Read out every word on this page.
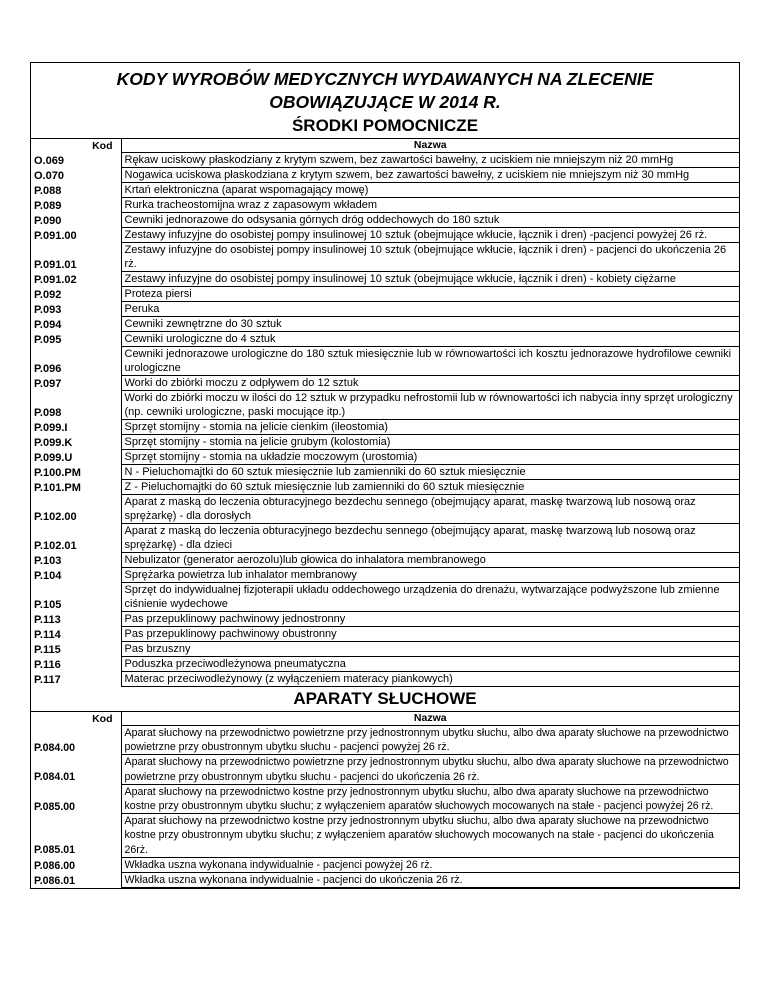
KODY WYROBÓW MEDYCZNYCH WYDAWANYCH NA ZLECENIE
OBOWIĄZUJĄCE W 2014 R.
ŚRODKI POMOCNICZE
Kod	Nazwa
O.069	Rękaw uciskowy płaskodziany z krytym szwem, bez zawartości bawełny, z uciskiem nie mniejszym niż 20 mmHg
O.070	Nogawica uciskowa płaskodziana z krytym szwem, bez zawartości bawełny, z uciskiem nie mniejszym niż 30 mmHg
P.088	Krtań elektroniczna (aparat wspomagający mowę)
P.089	Rurka tracheostomijna wraz z zapasowym wkładem
P.090	Cewniki jednorazowe do odsysania górnych dróg oddechowych do 180 sztuk
P.091.00	Zestawy infuzyjne do osobistej pompy insulinowej 10 sztuk (obejmujące wkłucie, łącznik i dren) -pacjenci powyżej 26 rż.
P.091.01	Zestawy infuzyjne do osobistej pompy insulinowej 10 sztuk (obejmujące wkłucie, łącznik i dren) - pacjenci do ukończenia 26 rż.
P.091.02	Zestawy infuzyjne do osobistej pompy insulinowej 10 sztuk (obejmujące wkłucie, łącznik i dren) - kobiety ciężarne
P.092	Proteza piersi
P.093	Peruka
P.094	Cewniki zewnętrzne do 30 sztuk
P.095	Cewniki urologiczne do 4 sztuk
P.096	Cewniki jednorazowe urologiczne do 180 sztuk miesięcznie lub w równowartości ich kosztu jednorazowe hydrofilowe cewniki urologiczne
P.097	Worki do zbiórki moczu z odpływem do 12 sztuk
P.098	Worki do zbiórki moczu w ilości do 12 sztuk w przypadku nefrostomii lub w równowartości ich nabycia inny sprzęt urologiczny (np. cewniki urologiczne, paski mocujące itp.)
P.099.I	Sprzęt stomijny - stomia na jelicie cienkim (ileostomia)
P.099.K	Sprzęt stomijny - stomia na jelicie grubym (kolostomia)
P.099.U	Sprzęt stomijny - stomia na układzie moczowym (urostomia)
P.100.PM	N - Pieluchomajtki do 60 sztuk miesięcznie lub zamienniki do 60 sztuk miesięcznie
P.101.PM	Z - Pieluchomajtki do 60 sztuk miesięcznie lub zamienniki do 60 sztuk miesięcznie
P.102.00	Aparat z maską do leczenia obturacyjnego bezdechu sennego (obejmujący aparat, maskę twarzową lub nosową oraz sprężarkę) - dla dorosłych
P.102.01	Aparat z maską do leczenia obturacyjnego bezdechu sennego (obejmujący aparat, maskę twarzową lub nosową oraz sprężarkę) - dla dzieci
P.103	Nebulizator (generator aerozolu)lub głowica do inhalatora membranowego
P.104	Sprężarka powietrza lub inhalator membranowy
P.105	Sprzęt do indywidualnej fizjoterapii układu oddechowego urządzenia do drenażu, wytwarzające podwyższone lub zmienne ciśnienie wydechowe
P.113	Pas przepuklinowy pachwinowy jednostronny
P.114	Pas przepuklinowy pachwinowy obustronny
P.115	Pas brzuszny
P.116	Poduszka przeciwodleżynowa pneumatyczna
P.117	Materac przeciwodleżynowy (z wyłączeniem materacy piankowych)
APARATY SŁUCHOWE
Kod	Nazwa
P.084.00	Aparat słuchowy na przewodnictwo powietrzne przy jednostronnym ubytku słuchu, albo dwa aparaty słuchowe na przewodnictwo powietrzne przy obustronnym ubytku słuchu - pacjenci powyżej 26 rż.
P.084.01	Aparat słuchowy na przewodnictwo powietrzne przy jednostronnym ubytku słuchu, albo dwa aparaty słuchowe na przewodnictwo powietrzne przy obustronnym ubytku słuchu - pacjenci do ukończenia 26 rż.
P.085.00	Aparat słuchowy na przewodnictwo kostne przy jednostronnym ubytku słuchu, albo dwa aparaty słuchowe na przewodnictwo kostne przy obustronnym ubytku słuchu; z wyłączeniem aparatów słuchowych mocowanych na stałe - pacjenci powyżej 26 rż.
P.085.01	Aparat słuchowy na przewodnictwo kostne przy jednostronnym ubytku słuchu, albo dwa aparaty słuchowe na przewodnictwo kostne przy obustronnym ubytku słuchu; z wyłączeniem aparatów słuchowych mocowanych na stałe - pacjenci do ukończenia 26rż.
P.086.00	Wkładka uszna wykonana indywidualnie - pacjenci powyżej 26 rż.
P.086.01	Wkładka uszna wykonana indywidualnie - pacjenci do ukończenia 26 rż.
